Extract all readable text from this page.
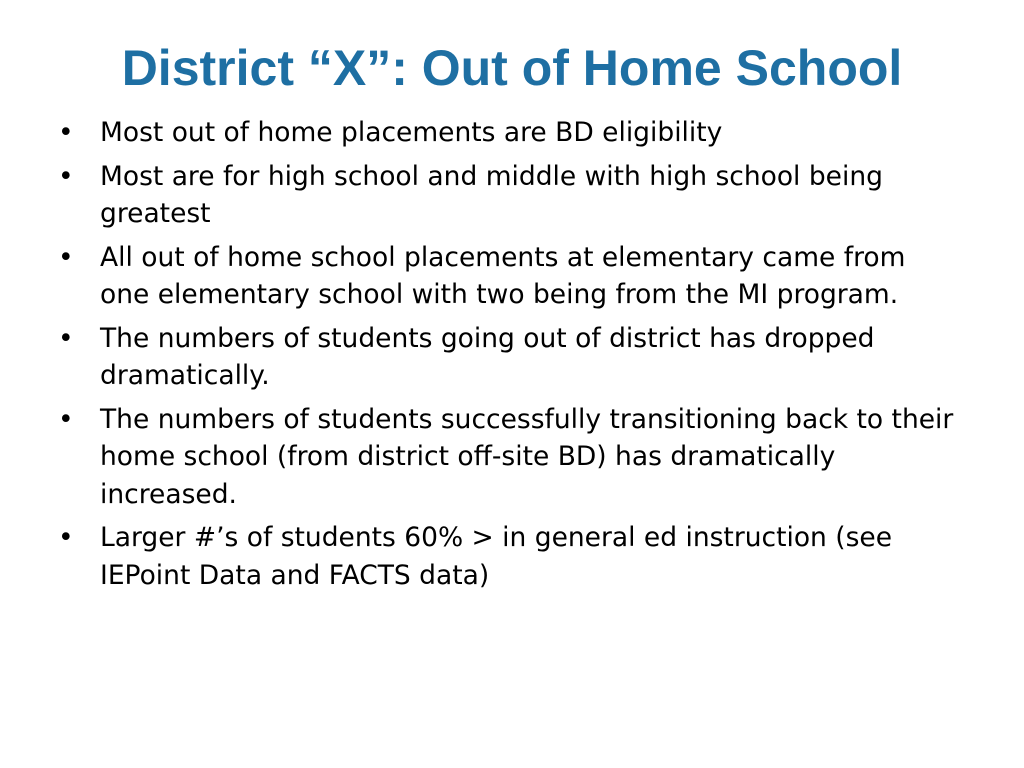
District “X”: Out of Home School
• Most out of home placements are BD eligibility
• Most are for high school and middle with high school being greatest
• All out of home school placements at elementary came from one elementary school with two being from the MI program.
• The numbers of students going out of district has dropped dramatically.
• The numbers of students successfully transitioning back to their home school (from district off-site BD) has dramatically increased.
• Larger #’s of students 60% > in general ed instruction (see IEPoint Data and FACTS data)
